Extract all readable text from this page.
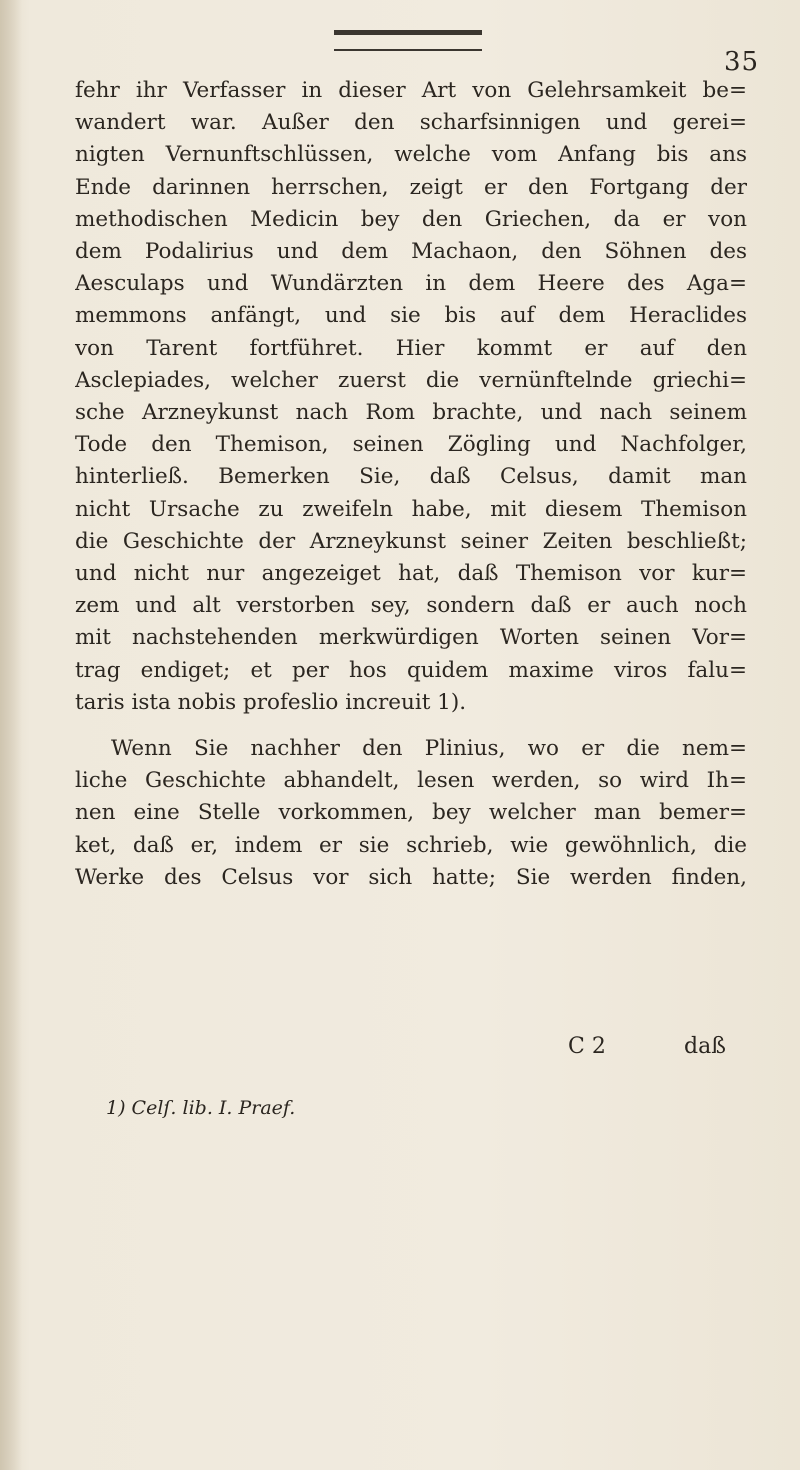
35
fehr ihr Verfasser in dieser Art von Gelehrsamkeit be=
wandert war. Außer den scharfsinnigen und gerei=
nigten Vernunftschlüssen, welche vom Anfang bis ans
Ende darinnen herrschen, zeigt er den Fortgang der
methodischen Medicin bey den Griechen, da er von
dem Podalirius und dem Machaon, den Söhnen des
Aesculaps und Wundärzten in dem Heere des Aga=
memmons anfängt, und sie bis auf dem Heraclides
von Tarent fortführet. Hier kommt er auf den
Asclepiades, welcher zuerst die vernünftelnde griechi=
sche Arzneykunst nach Rom brachte, und nach seinem
Tode den Themison, seinen Zögling und Nachfolger,
hinterließ. Bemerken Sie, daß Celsus, damit man
nicht Ursache zu zweifeln habe, mit diesem Themison
die Geschichte der Arzneykunst seiner Zeiten beschließt;
und nicht nur angezeiget hat, daß Themison vor kur=
zem und alt verstorben sey, sondern daß er auch noch
mit nachstehenden merkwürdigen Worten seinen Vor=
trag endiget; et per hos quidem maxime viros falu=
taris ista nobis profeslio increuit 1).
Wenn Sie nachher den Plinius, wo er die nem=
liche Geschichte abhandelt, lesen werden, so wird Ih=
nen eine Stelle vorkommen, bey welcher man bemer=
ket, daß er, indem er sie schrieb, wie gewöhnlich, die
Werke des Celsus vor sich hatte; Sie werden finden,
C 2	daß
1) Celſ. lib. I. Praef.
